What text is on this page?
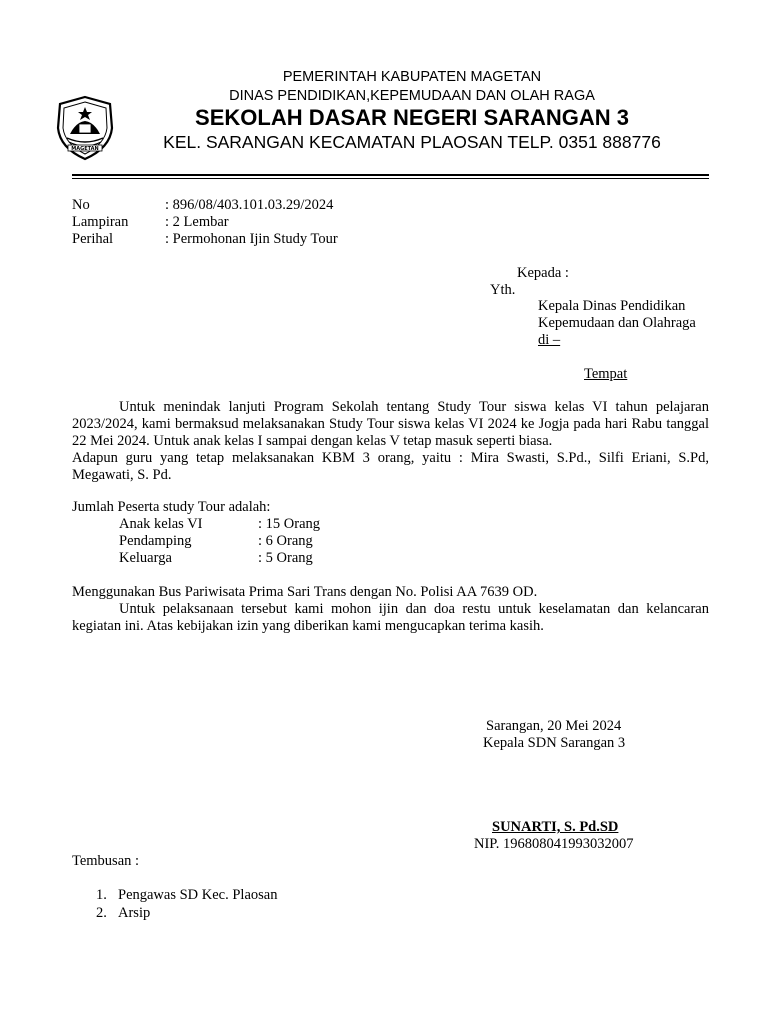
MAGETAN
PEMERINTAH KABUPATEN MAGETAN
DINAS PENDIDIKAN,KEPEMUDAAN DAN OLAH RAGA
SEKOLAH DASAR NEGERI SARANGAN 3
KEL. SARANGAN KECAMATAN PLAOSAN TELP. 0351 888776
No	: 896/08/403.101.03.29/2024
Lampiran	: 2 Lembar
Perihal	: Permohonan Ijin Study Tour
Kepada :
Yth.
Kepala Dinas Pendidikan
Kepemudaan dan Olahraga
di –
Tempat
Untuk menindak lanjuti Program Sekolah tentang Study Tour siswa kelas VI tahun pelajaran 2023/2024, kami bermaksud melaksanakan Study Tour siswa kelas VI 2024 ke Jogja pada hari Rabu tanggal 22 Mei 2024. Untuk anak kelas I sampai dengan kelas V tetap masuk seperti biasa.
Adapun guru yang tetap melaksanakan KBM 3 orang, yaitu : Mira Swasti, S.Pd., Silfi Eriani, S.Pd, Megawati, S. Pd.
Jumlah Peserta study Tour adalah:
Anak kelas VI	: 15 Orang
Pendamping	: 6 Orang
Keluarga	: 5 Orang
Menggunakan Bus Pariwisata Prima Sari Trans dengan No. Polisi AA 7639 OD.
Untuk pelaksanaan tersebut kami mohon ijin dan doa restu untuk keselamatan dan kelancaran kegiatan ini. Atas kebijakan izin yang diberikan kami mengucapkan terima kasih.
Sarangan, 20 Mei 2024
Kepala SDN Sarangan 3
SUNARTI, S. Pd.SD
NIP. 196808041993032007
Tembusan :
1. Pengawas SD Kec. Plaosan
2. Arsip
